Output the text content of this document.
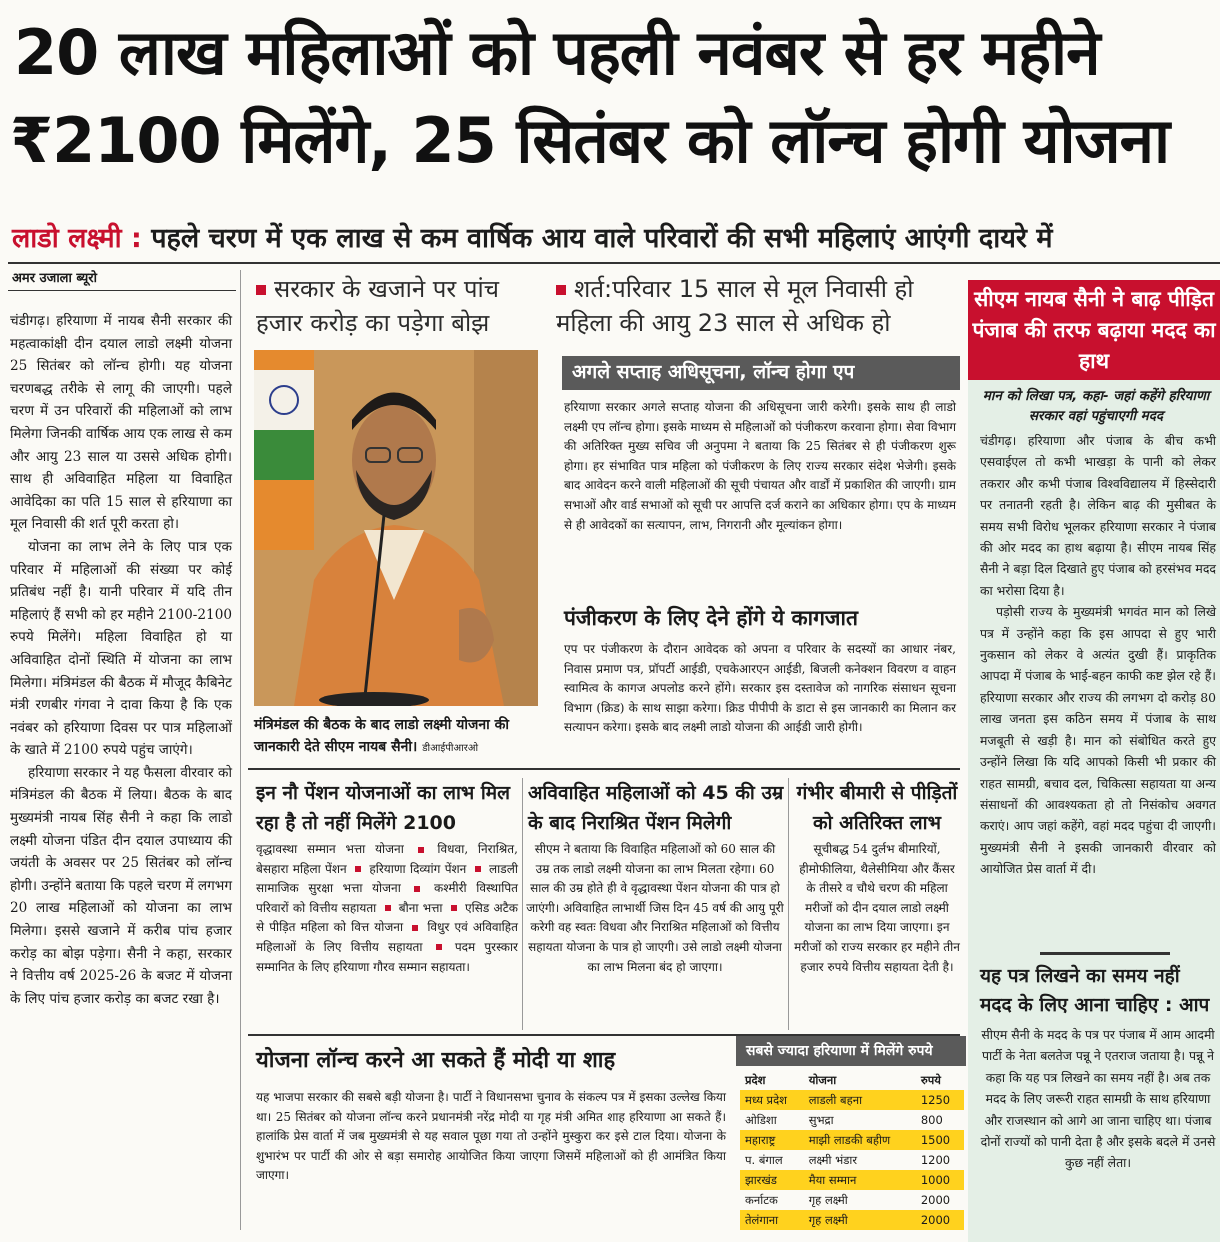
20 लाख महिलाओं को पहली नवंबर से हर महीने
₹2100 मिलेंगे, 25 सितंबर को लॉन्च होगी योजना
लाडो लक्ष्मी : पहले चरण में एक लाख से कम वार्षिक आय वाले परिवारों की सभी महिलाएं आएंगी दायरे में
अमर उजाला ब्यूरो

चंडीगढ़। हरियाणा में नायब सैनी सरकार की महत्वाकांक्षी दीन दयाल लाडो लक्ष्मी योजना 25 सितंबर को लॉन्च होगी। यह योजना चरणबद्ध तरीके से लागू की जाएगी। पहले चरण में उन परिवारों की महिलाओं को लाभ मिलेगा जिनकी वार्षिक आय एक लाख से कम और आयु 23 साल या उससे अधिक होगी। साथ ही अविवाहित महिला या विवाहित आवेदिका का पति 15 साल से हरियाणा का मूल निवासी की शर्त पूरी करता हो।

योजना का लाभ लेने के लिए पात्र एक परिवार में महिलाओं की संख्या पर कोई प्रतिबंध नहीं है। यानी परिवार में यदि तीन महिलाएं हैं सभी को हर महीने 2100-2100 रुपये मिलेंगे। महिला विवाहित हो या अविवाहित दोनों स्थिति में योजना का लाभ मिलेगा। मंत्रिमंडल की बैठक में मौजूद कैबिनेट मंत्री रणबीर गंगवा ने दावा किया है कि एक नवंबर को हरियाणा दिवस पर पात्र महिलाओं के खाते में 2100 रुपये पहुंच जाएंगे।

हरियाणा सरकार ने यह फैसला वीरवार को मंत्रिमंडल की बैठक में लिया। बैठक के बाद मुख्यमंत्री नायब सिंह सैनी ने कहा कि लाडो लक्ष्मी योजना पंडित दीन दयाल उपाध्याय की जयंती के अवसर पर 25 सितंबर को लॉन्च होगी। उन्होंने बताया कि पहले चरण में लगभग 20 लाख महिलाओं को योजना का लाभ मिलेगा। इससे खजाने में करीब पांच हजार करोड़ का बोझ पड़ेगा। सैनी ने कहा, सरकार ने वित्तीय वर्ष 2025-26 के बजट में योजना के लिए पांच हजार करोड़ का बजट रखा है।

सरकार के खजाने पर पांच हजार करोड़ का पड़ेगा बोझ
शर्त:परिवार 15 साल से मूल निवासी हो महिला की आयु 23 साल से अधिक हो
मंत्रिमंडल की बैठक के बाद लाडो लक्ष्मी योजना की जानकारी देते सीएम नायब सैनी। डीआईपीआरओ
अगले सप्ताह अधिसूचना, लॉन्च होगा एप
हरियाणा सरकार अगले सप्ताह योजना की अधिसूचना जारी करेगी। इसके साथ ही लाडो लक्ष्मी एप लॉन्च होगा। इसके माध्यम से महिलाओं को पंजीकरण करवाना होगा। सेवा विभाग की अतिरिक्त मुख्य सचिव जी अनुपमा ने बताया कि 25 सितंबर से ही पंजीकरण शुरू होगा। हर संभावित पात्र महिला को पंजीकरण के लिए राज्य सरकार संदेश भेजेगी। इसके बाद आवेदन करने वाली महिलाओं की सूची पंचायत और वार्डों में प्रकाशित की जाएगी। ग्राम सभाओं और वार्ड सभाओं को सूची पर आपत्ति दर्ज कराने का अधिकार होगा। एप के माध्यम से ही आवेदकों का सत्यापन, लाभ, निगरानी और मूल्यांकन होगा।
पंजीकरण के लिए देने होंगे ये कागजात
एप पर पंजीकरण के दौरान आवेदक को अपना व परिवार के सदस्यों का आधार नंबर, निवास प्रमाण पत्र, प्रॉपर्टी आईडी, एचकेआरएन आईडी, बिजली कनेक्शन विवरण व वाहन स्वामित्व के कागज अपलोड करने होंगे। सरकार इस दस्तावेज को नागरिक संसाधन सूचना विभाग (क्रिड) के साथ साझा करेगा। क्रिड पीपीपी के डाटा से इस जानकारी का मिलान कर सत्यापन करेगा। इसके बाद लक्ष्मी लाडो योजना की आईडी जारी होगी।
इन नौ पेंशन योजनाओं का लाभ मिल रहा है तो नहीं मिलेंगे 2100
वृद्धावस्था सम्मान भत्ता योजना	विधवा, निराश्रित, बेसहारा महिला पेंशन हरियाणा दिव्यांग पेंशन लाडली सामाजिक सुरक्षा भत्ता योजना	कश्मीरी विस्थापित परिवारों को वित्तीय सहायता बौना भत्ता एसिड अटैक से पीड़ित महिला को वित्त योजना विधुर एवं अविवाहित महिलाओं के लिए वित्तीय सहायता	पदम पुरस्कार सम्मानित के लिए हरियाणा गौरव सम्मान सहायता।
अविवाहित महिलाओं को 45 की उम्र के बाद निराश्रित पेंशन मिलेगी
सीएम ने बताया कि विवाहित महिलाओं को 60 साल की उम्र तक लाडो लक्ष्मी योजना का लाभ मिलता रहेगा। 60 साल की उम्र होते ही वे वृद्धावस्था पेंशन योजना की पात्र हो जाएंगी। अविवाहित लाभार्थी जिस दिन 45 वर्ष की आयु पूरी करेगी वह स्वतः विधवा और निराश्रित महिलाओं को वित्तीय सहायता योजना के पात्र हो जाएगी। उसे लाडो लक्ष्मी योजना का लाभ मिलना बंद हो जाएगा।
गंभीर बीमारी से पीड़ितों को अतिरिक्त लाभ
सूचीबद्ध 54 दुर्लभ बीमारियों, हीमोफीलिया, थैलेसीमिया और कैंसर के तीसरे व चौथे चरण की महिला मरीजों को दीन दयाल लाडो लक्ष्मी योजना का लाभ दिया जाएगा। इन मरीजों को राज्य सरकार हर महीने तीन हजार रुपये वित्तीय सहायता देती है।
योजना लॉन्च करने आ सकते हैं मोदी या शाह
यह भाजपा सरकार की सबसे बड़ी योजना है। पार्टी ने विधानसभा चुनाव के संकल्प पत्र में इसका उल्लेख किया था। 25 सितंबर को योजना लॉन्च करने प्रधानमंत्री नरेंद्र मोदी या गृह मंत्री अमित शाह हरियाणा आ सकते हैं। हालांकि प्रेस वार्ता में जब मुख्यमंत्री से यह सवाल पूछा गया तो उन्होंने मुस्कुरा कर इसे टाल दिया। योजना के शुभारंभ पर पार्टी की ओर से बड़ा समारोह आयोजित किया जाएगा जिसमें महिलाओं को ही आमंत्रित किया जाएगा।
सबसे ज्यादा हरियाणा में मिलेंगे रुपये
प्रदेश	योजना	रुपये
मध्य प्रदेश	लाडली बहना	1250
ओडिशा	सुभद्रा	800
महाराष्ट्र	माझी लाडकी बहीण	1500
प. बंगाल	लक्ष्मी भंडार	1200
झारखंड	मैया सम्मान	1000
कर्नाटक	गृह लक्ष्मी	2000
तेलंगाना	गृह लक्ष्मी	2000
सीएम नायब सैनी ने बाढ़ पीड़ित पंजाब की तरफ बढ़ाया मदद का हाथ
मान को लिखा पत्र, कहा- जहां कहेंगे हरियाणा सरकार वहां पहुंचाएगी मदद

चंडीगढ़। हरियाणा और पंजाब के बीच कभी एसवाईएल तो कभी भाखड़ा के पानी को लेकर तकरार और कभी पंजाब विश्वविद्यालय में हिस्सेदारी पर तनातनी रहती है। लेकिन बाढ़ की मुसीबत के समय सभी विरोध भूलकर हरियाणा सरकार ने पंजाब की ओर मदद का हाथ बढ़ाया है। सीएम नायब सिंह सैनी ने बड़ा दिल दिखाते हुए पंजाब को हरसंभव मदद का भरोसा दिया है।

पड़ोसी राज्य के मुख्यमंत्री भगवंत मान को लिखे पत्र में उन्होंने कहा कि इस आपदा से हुए भारी नुकसान को लेकर वे अत्यंत दुखी हैं। प्राकृतिक आपदा में पंजाब के भाई-बहन काफी कष्ट झेल रहे हैं। हरियाणा सरकार और राज्य की लगभग दो करोड़ 80 लाख जनता इस कठिन समय में पंजाब के साथ मजबूती से खड़ी है। मान को संबोधित करते हुए उन्होंने लिखा कि यदि आपको किसी भी प्रकार की राहत सामग्री, बचाव दल, चिकित्सा सहायता या अन्य संसाधनों की आवश्यकता हो तो निसंकोच अवगत कराएं। आप जहां कहेंगे, वहां मदद पहुंचा दी जाएगी। मुख्यमंत्री सैनी ने इसकी जानकारी वीरवार को आयोजित प्रेस वार्ता में दी।

यह पत्र लिखने का समय नहीं मदद के लिए आना चाहिए : आप
सीएम सैनी के मदद के पत्र पर पंजाब में आम आदमी पार्टी के नेता बलतेज पन्नू ने एतराज जताया है। पन्नू ने कहा कि यह पत्र लिखने का समय नहीं है। अब तक मदद के लिए जरूरी राहत सामग्री के साथ हरियाणा और राजस्थान को आगे आ जाना चाहिए था। पंजाब दोनों राज्यों को पानी देता है और इसके बदले में उनसे कुछ नहीं लेता।
